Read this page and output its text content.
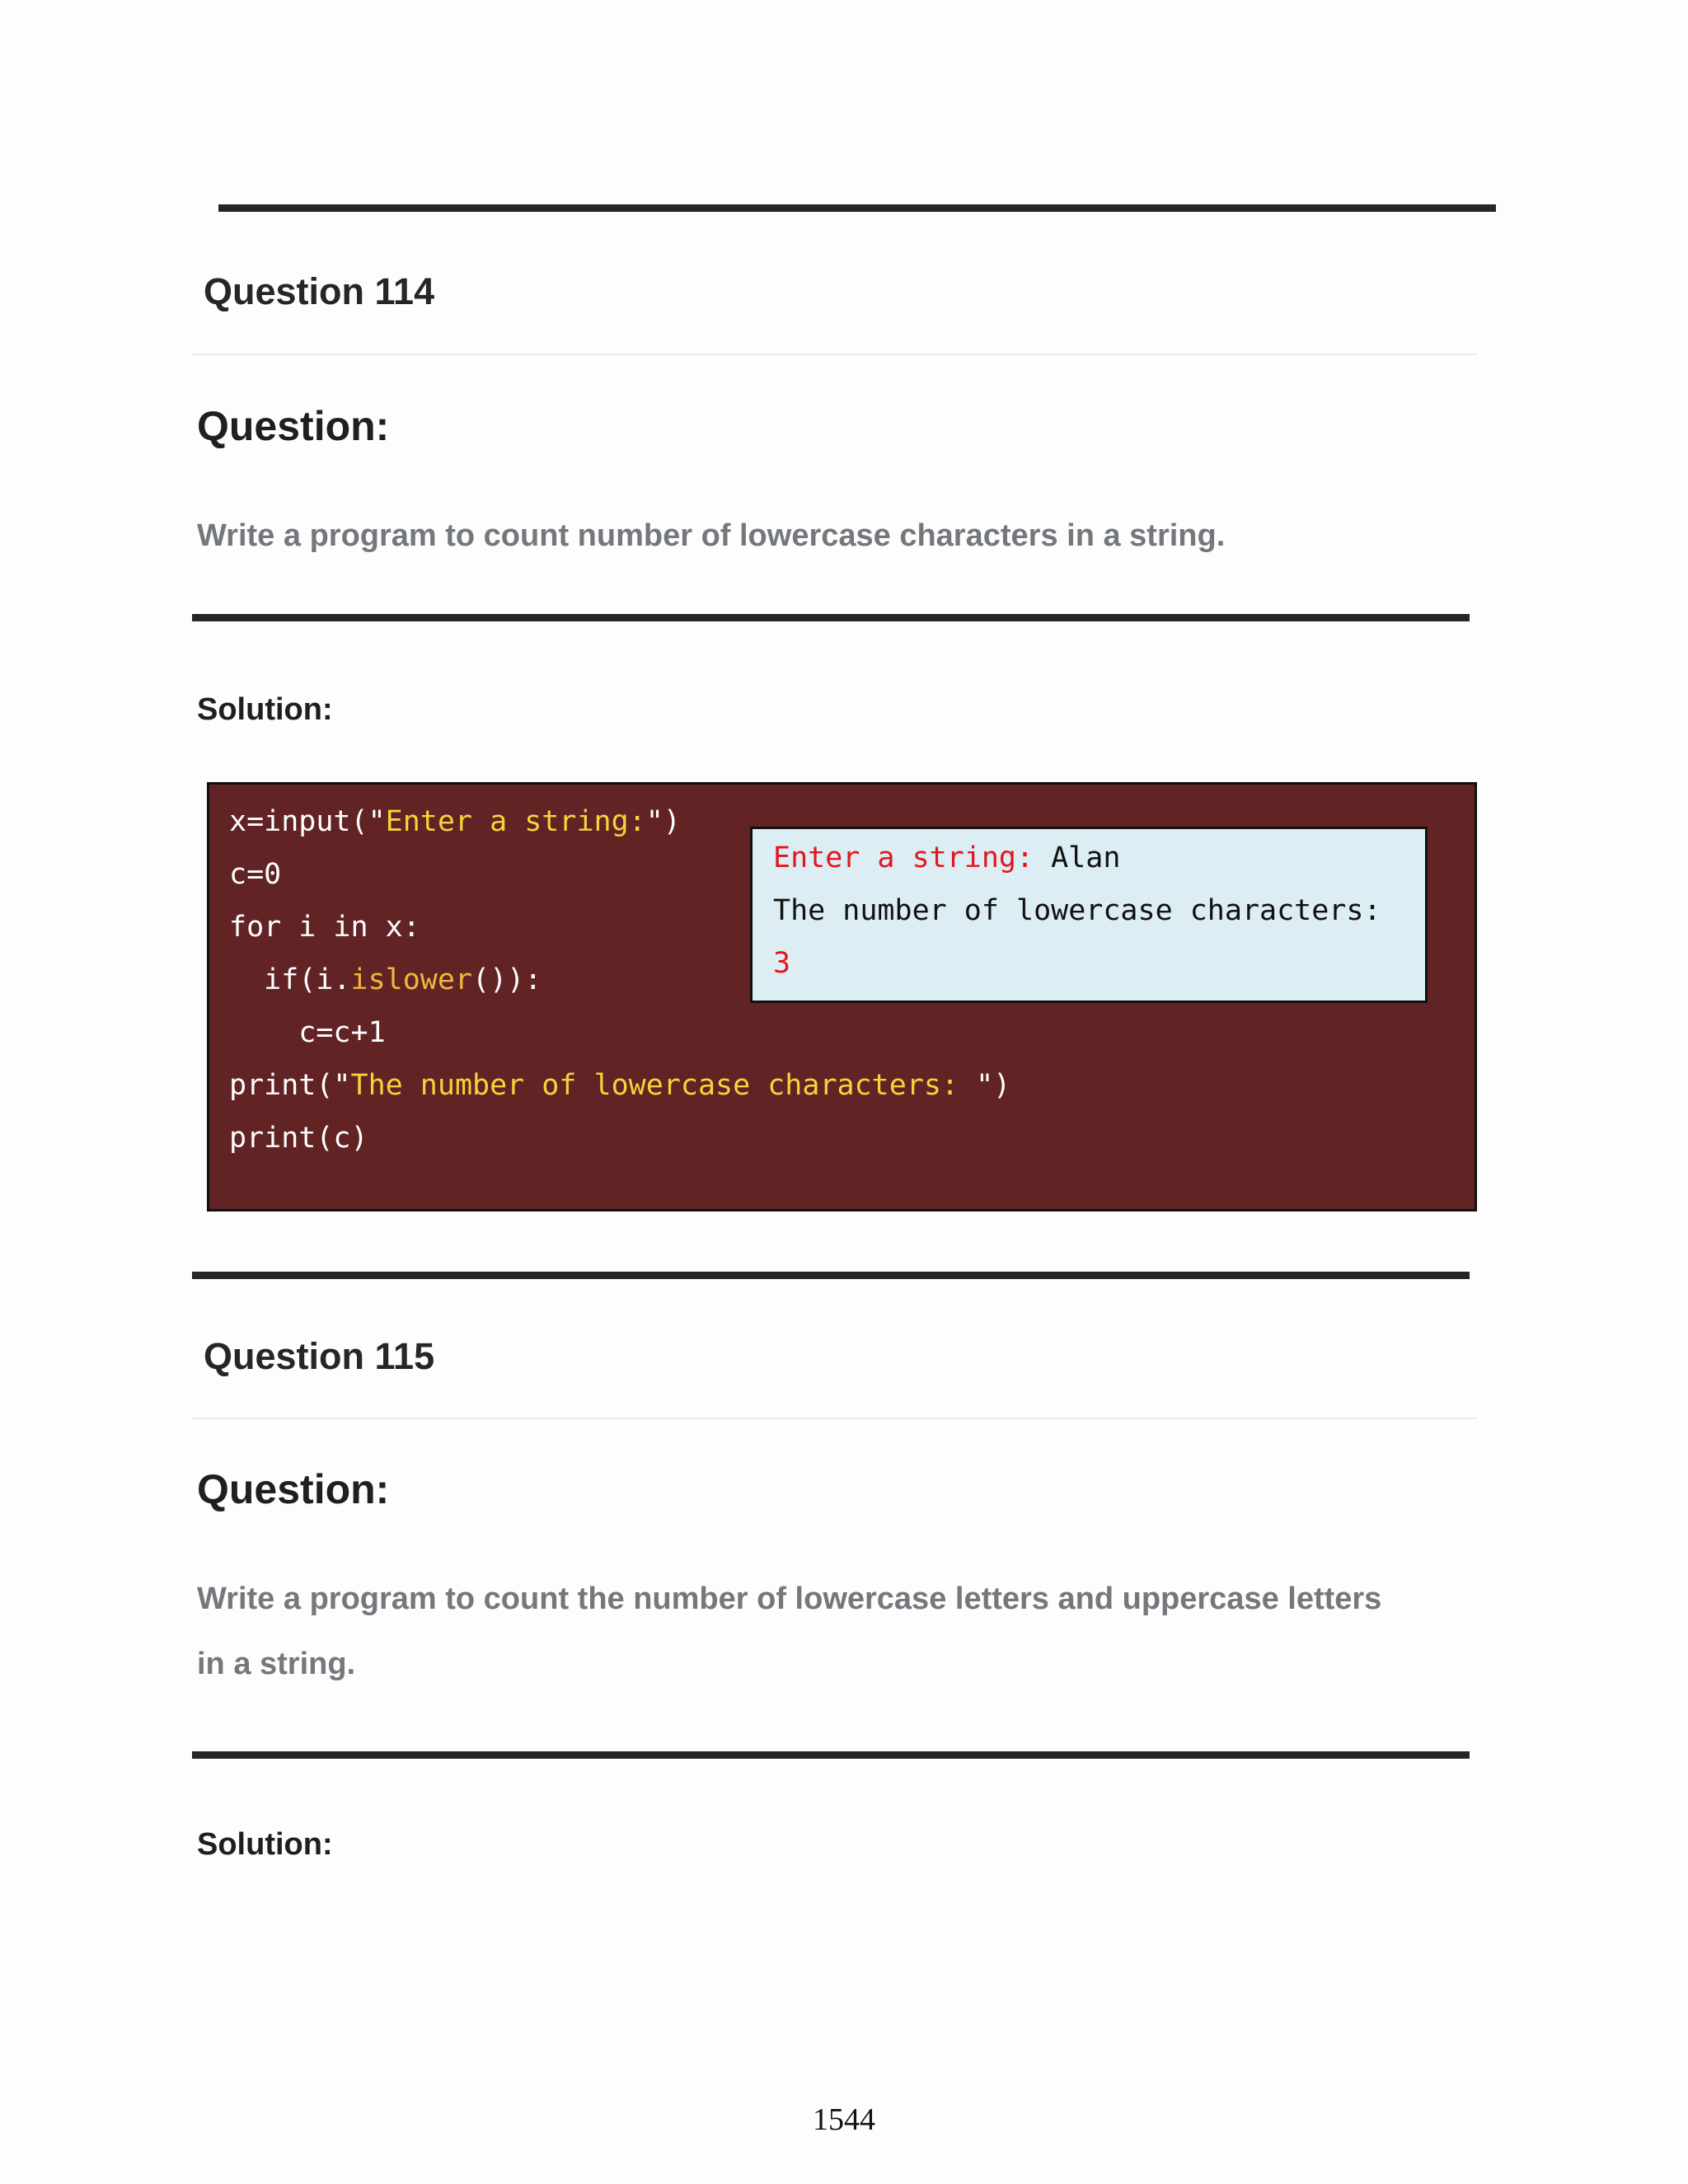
Question 114
Question:

Write a program to count number of lowercase characters in a string.

Solution:
x=input("Enter a string:")
c=0
for i in x:
if(i.islower()):
c=c+1
print("The number of lowercase characters: ")
print(c)
Enter a string: Alan
The number of lowercase characters:
3
Question 115
Question:

Write a program to count the number of lowercase letters and uppercase letters

in a string.

Solution:
1544
